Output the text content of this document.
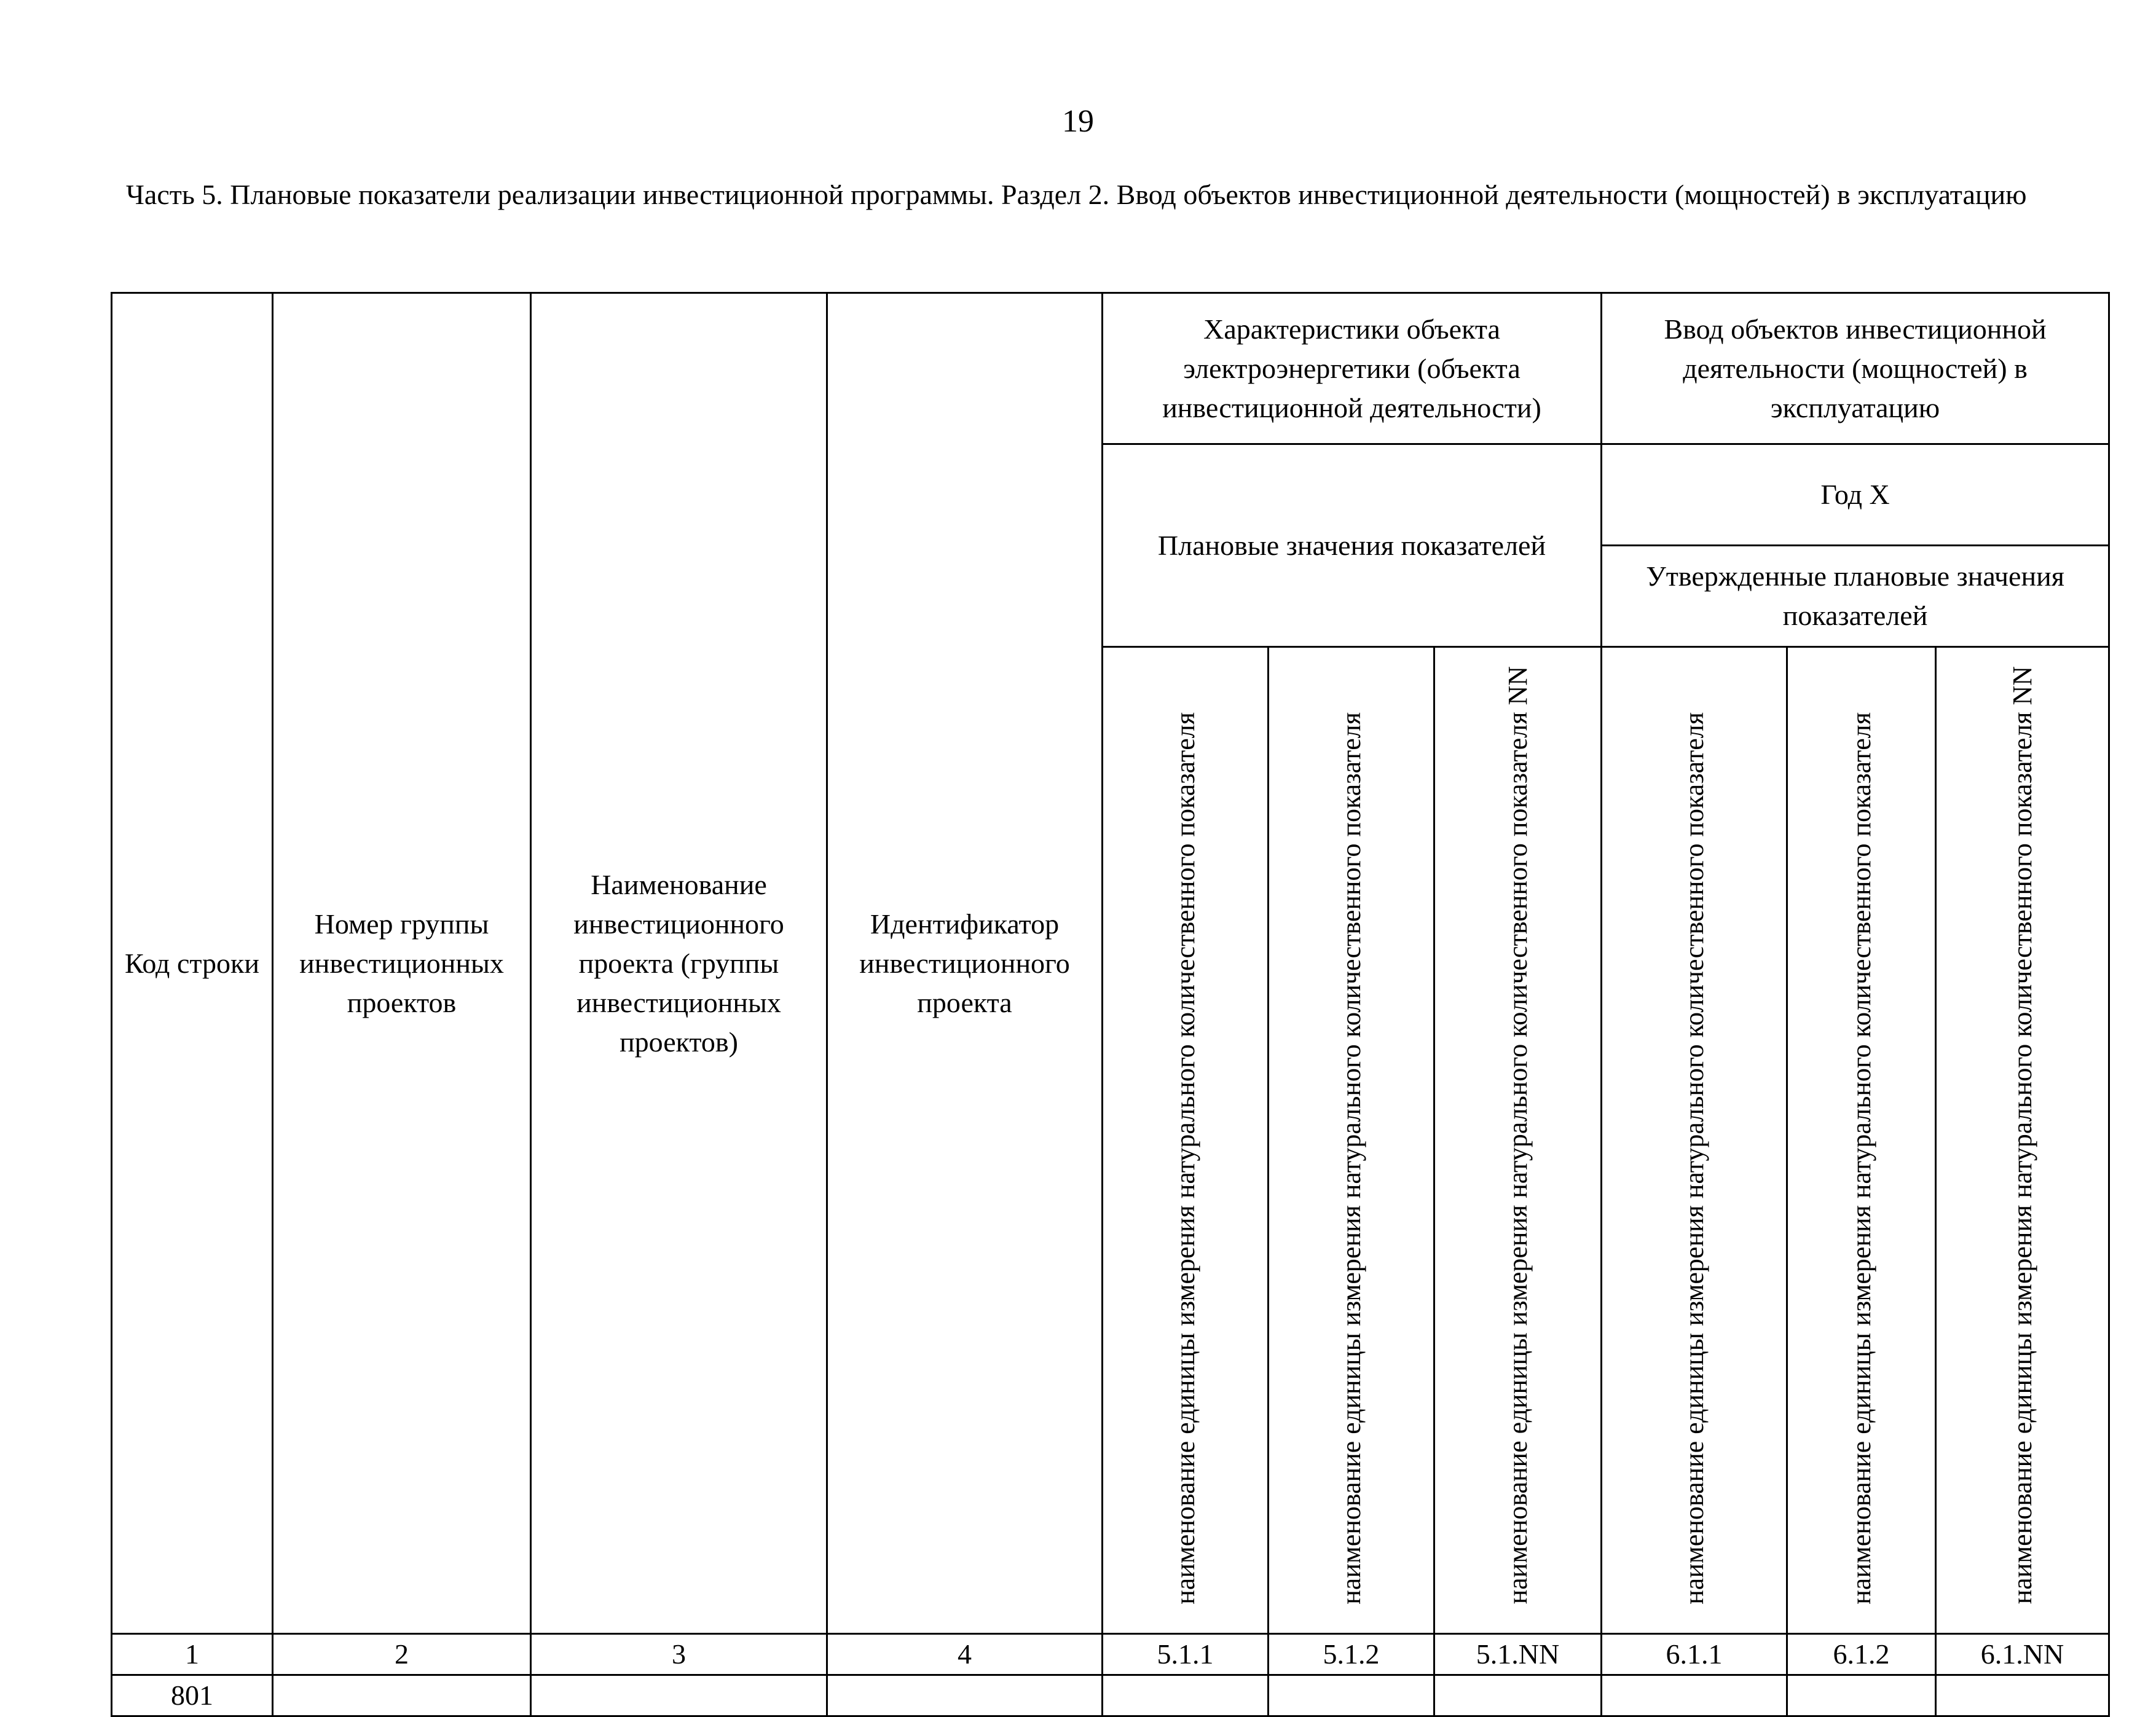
19
Часть 5. Плановые показатели реализации инвестиционной программы. Раздел 2. Ввод объектов инвестиционной деятельности (мощностей) в эксплуатацию
Код строки	Номер группы инвестиционных проектов	Наименование инвестиционного проекта (группы инвестиционных проектов)	Идентификатор инвестиционного проекта	Характеристики объекта электроэнергетики (объекта инвестиционной деятельности)			Ввод объектов инвестиционной деятельности (мощностей) в эксплуатацию		
				Плановые значения показателей			Год X		
							Утвержденные плановые значения показателей		
				наименование единицы измерения натурального количественного показателя	наименование единицы измерения натурального количественного показателя	наименование единицы измерения натурального количественного показателя NN	наименование единицы измерения натурального количественного показателя	наименование единицы измерения натурального количественного показателя	наименование единицы измерения натурального количественного показателя NN
1	2	3	4	5.1.1	5.1.2	5.1.NN	6.1.1	6.1.2	6.1.NN
801									
